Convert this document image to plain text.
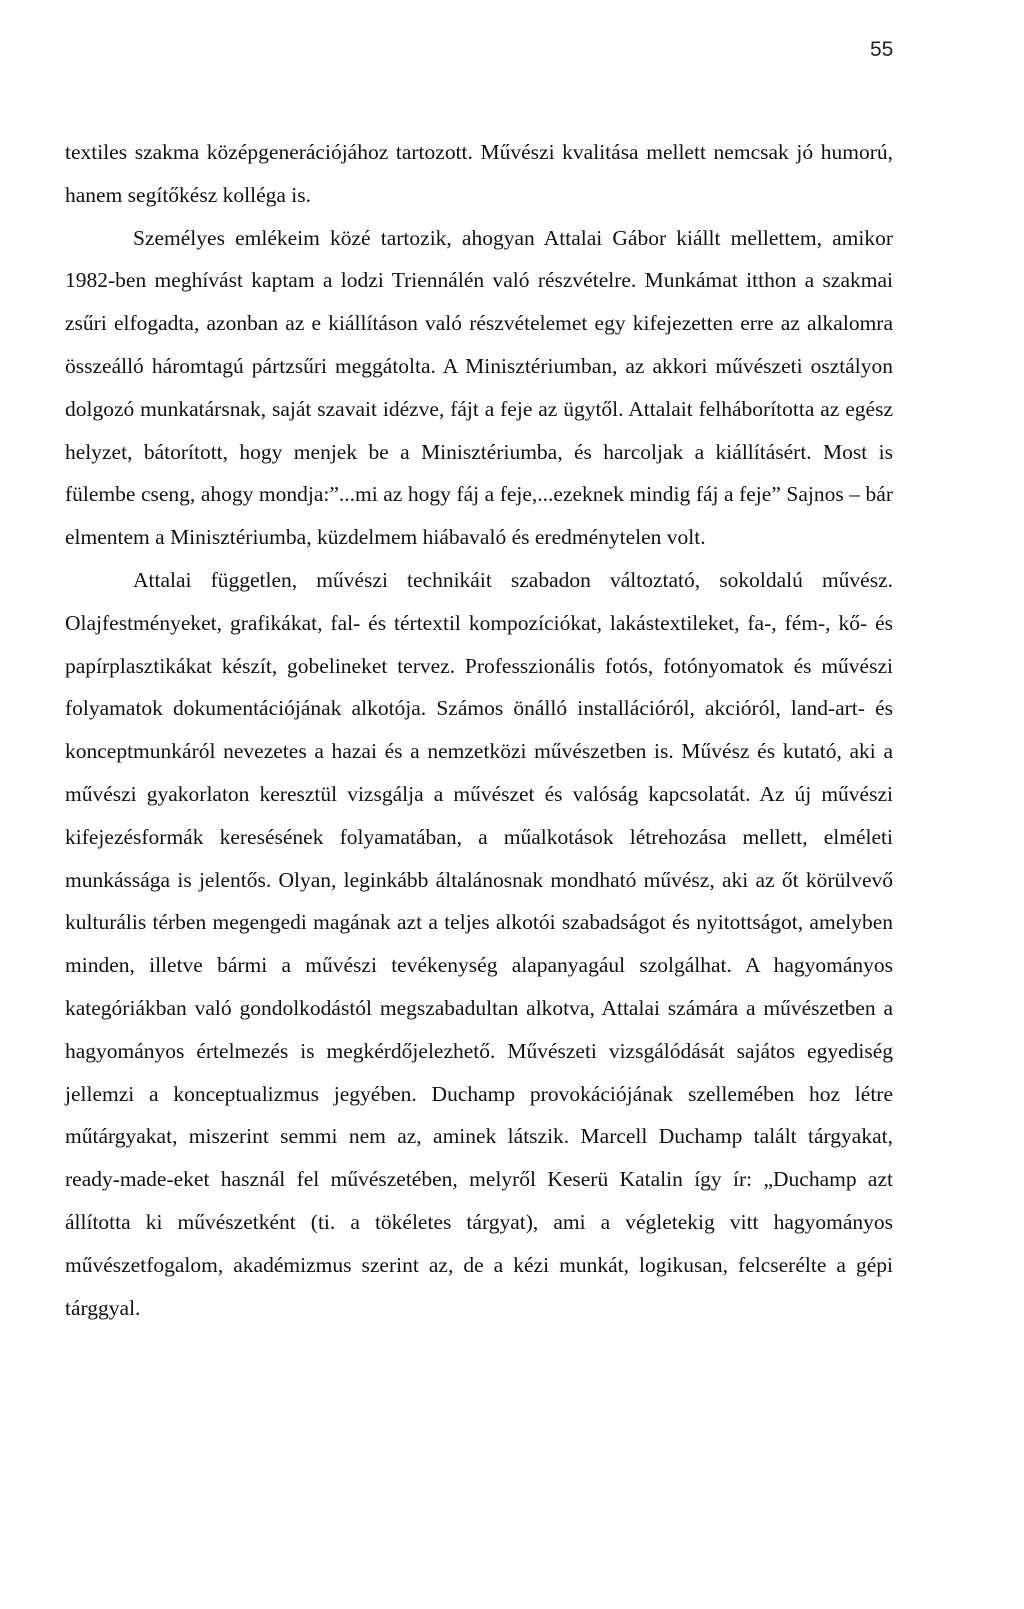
55

textiles szakma középgenerációjához tartozott. Művészi kvalitása mellett nemcsak jó humorú, hanem segítőkész kolléga is.

Személyes emlékeim közé tartozik, ahogyan Attalai Gábor kiállt mellettem, amikor 1982-ben meghívást kaptam a lodzi Triennálén való részvételre. Munkámat itthon a szakmai zsűri elfogadta, azonban az e kiállításon való részvételemet egy kifejezetten erre az alkalomra összeálló háromtagú pártzsűri meggátolta. A Minisztériumban, az akkori művészeti osztályon dolgozó munkatársnak, saját szavait idézve, fájt a feje az ügytől. Attalait felháborította az egész helyzet, bátorított, hogy menjek be a Minisztériumba, és harcoljak a kiállításért. Most is fülembe cseng, ahogy mondja:”...mi az hogy fáj a feje,...ezeknek mindig fáj a feje” Sajnos – bár elmentem a Minisztériumba, küzdelmem hiábavaló és eredménytelen volt.

Attalai független, művészi technikáit szabadon változtató, sokoldalú művész. Olajfestményeket, grafikákat, fal- és tértextil kompozíciókat, lakástextileket, fa-, fém-, kő- és papírplasztikákat készít, gobelineket tervez. Professzionális fotós, fotónyomatok és művészi folyamatok dokumentációjának alkotója. Számos önálló installációról, akcióról, land-art- és konceptmunkáról nevezetes a hazai és a nemzetközi művészetben is. Művész és kutató, aki a művészi gyakorlaton keresztül vizsgálja a művészet és valóság kapcsolatát. Az új művészi kifejezésformák keresésének folyamatában, a műalkotások létrehozása mellett, elméleti munkássága is jelentős. Olyan, leginkább általánosnak mondható művész, aki az őt körülvevő kulturális térben megengedi magának azt a teljes alkotói szabadságot és nyitottságot, amelyben minden, illetve bármi a művészi tevékenység alapanyagául szolgálhat. A hagyományos kategóriákban való gondolkodástól megszabadultan alkotva, Attalai számára a művészetben a hagyományos értelmezés is megkérdőjelezhető. Művészeti vizsgálódását sajátos egyediség jellemzi a konceptualizmus jegyében. Duchamp provokációjának szellemében hoz létre műtárgyakat, miszerint semmi nem az, aminek látszik. Marcell Duchamp talált tárgyakat, ready-made-eket használ fel művészetében, melyről Keserü Katalin így ír: „Duchamp azt állította ki művészetként (ti. a tökéletes tárgyat), ami a végletekig vitt hagyományos művészetfogalom, akadémizmus szerint az, de a kézi munkát, logikusan, felcserélte a gépi tárggyal.
